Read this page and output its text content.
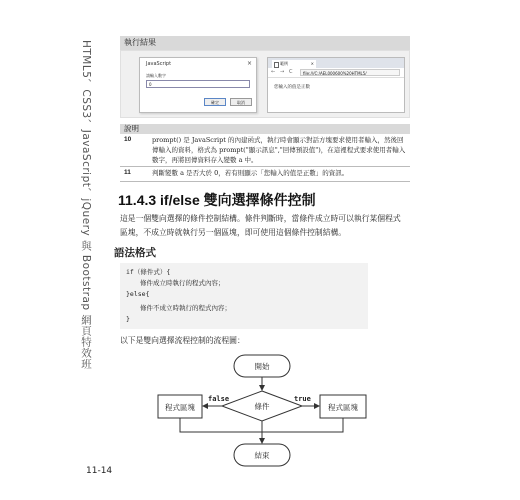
HTML5、CSS3、JavaScript、jQuery 與 Bootstrap 網頁特效班
11-14
執行結果
JavaScript	×
請輸入數字
0
確定	取消
範例	×
← → C	file:///C:/AEL000600%20HTML5/
您輸入的值是正數
說明
10	prompt() 是 JavaScript 的內建函式，執行時會顯示對話方塊要求使用者輸入，然後回傳輸入的資料，格式為 prompt("顯示訊息","回傳預設值")，在這裡程式要求使用者輸入數字，再將回傳資料存入變數 a 中。
11	判斷變數 a 是否大於 0，若有則顯示「您輸入的值是正數」的資訊。
11.4.3 if/else 雙向選擇條件控制
這是一個雙向選擇的條件控制結構。條件判斷時，當條件成立時可以執行某個程式
區塊，不成立時就執行另一個區塊，即可使用這個條件控制結構。
語法格式
if（條件式）{
條件成立時執行的程式內容；
}else{
條件不成立時執行的程式內容；
}
以下是雙向選擇流程控制的流程圖：
開始
條件
false	true
程式區塊	程式區塊
結束
